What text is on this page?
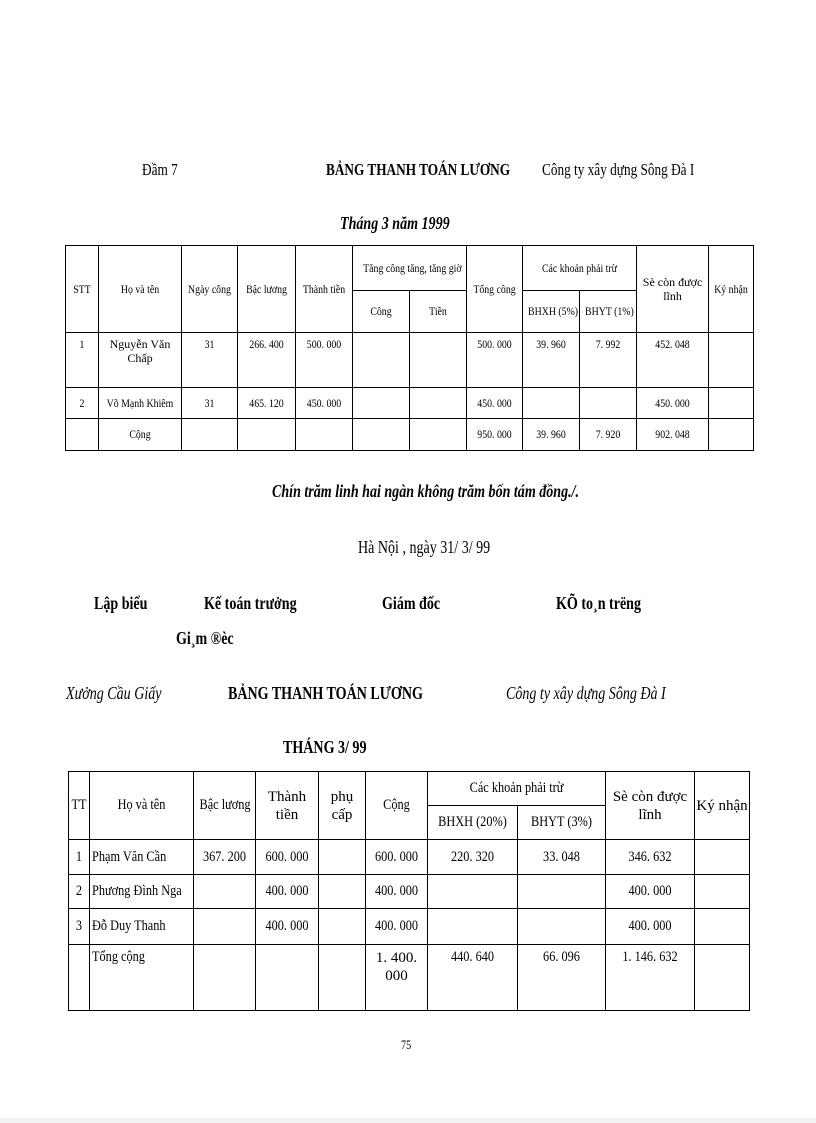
Đầm 7	BẢNG THANH TOÁN LƯƠNG	Công ty xây dựng Sông Đà I
Tháng 3 năm 1999
STT	Họ và tên	Ngày công	Bậc lương	Thành tiền	Tăng công tăng, tăng giờ		Tổng công	Các khoản phải trừ		Sè còn được lĩnh	Ký nhận

					Công	Tiền		BHXH (5%)	BHYT (1%)		

1	Nguyễn Văn Chấp	31	266. 400	500. 000			500. 000	39. 960	7. 992	452. 048	

2	Võ Mạnh Khiêm	31	465. 120	450. 000			450. 000			450. 000	

	Cộng						950. 000	39. 960	7. 920	902. 048	

Chín trăm linh hai ngàn không trăm bốn tám đồng./.
Hà Nội , ngày 31/ 3/ 99
Lập biểu	Kế toán trưởng	Giám đốc	KÕ to¸n trëng
Gi¸m ®èc
Xưởng Cầu Giấy	BẢNG THANH TOÁN LƯƠNG	Công ty xây dựng Sông Đà I
THÁNG 3/ 99
TT	Họ và tên	Bậc lương	Thành tiền	phụ cấp	Cộng	Các khoản phải trừ		Sè còn được lĩnh	Ký nhận

						BHXH (20%)	BHYT (3%)		

1	Phạm Văn Cần	367. 200	600. 000		600. 000	220. 320	33. 048	346. 632	

2	Phương Đình Nga		400. 000		400. 000			400. 000	

3	Đỗ Duy Thanh		400. 000		400. 000			400. 000	

	Tổng cộng				1. 400. 000	440. 640	66. 096	1. 146. 632	

75
